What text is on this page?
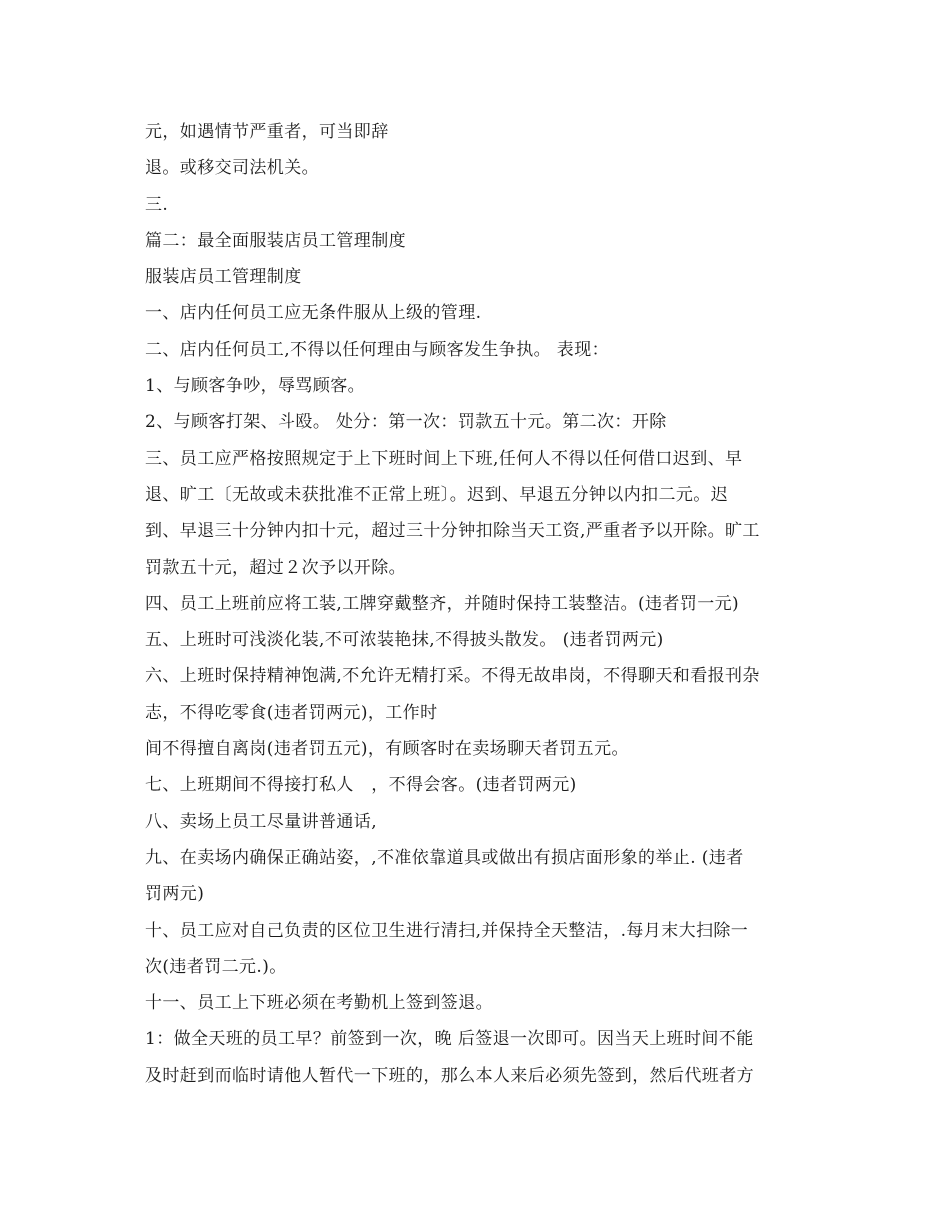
元，如遇情节严重者，可当即辞
退。或移交司法机关。
三.
篇二：最全面服装店员工管理制度
服装店员工管理制度
一、店内任何员工应无条件服从上级的管理.
二、店内任何员工,不得以任何理由与顾客发生争执。 表现：
1、与顾客争吵，辱骂顾客。
2、与顾客打架、斗殴。 处分：第一次：罚款五十元。第二次：开除
三、员工应严格按照规定于上下班时间上下班,任何人不得以任何借口迟到、早
退、旷工〔无故或未获批准不正常上班〕。迟到、早退五分钟以内扣二元。迟
到、早退三十分钟内扣十元，超过三十分钟扣除当天工资,严重者予以开除。旷工
罚款五十元，超过２次予以开除。
四、员工上班前应将工装,工牌穿戴整齐，并随时保持工装整洁。(违者罚一元)
五、上班时可浅淡化装,不可浓装艳抹,不得披头散发。 (违者罚两元)
六、上班时保持精神饱满,不允许无精打采。不得无故串岗，不得聊天和看报刊杂
志，不得吃零食(违者罚两元)，工作时
间不得擅自离岗(违者罚五元)，有顾客时在卖场聊天者罚五元。
七、上班期间不得接打私人　，不得会客。(违者罚两元)
八、卖场上员工尽量讲普通话,
九、在卖场内确保正确站姿，,不准依靠道具或做出有损店面形象的举止. (违者
罚两元)
十、员工应对自己负责的区位卫生进行清扫,并保持全天整洁，.每月末大扫除一
次(违者罚二元.)。
十一、员工上下班必须在考勤机上签到签退。
1：做全天班的员工早？前签到一次，晚 后签退一次即可。因当天上班时间不能
及时赶到而临时请他人暂代一下班的，那么本人来后必须先签到，然后代班者方
